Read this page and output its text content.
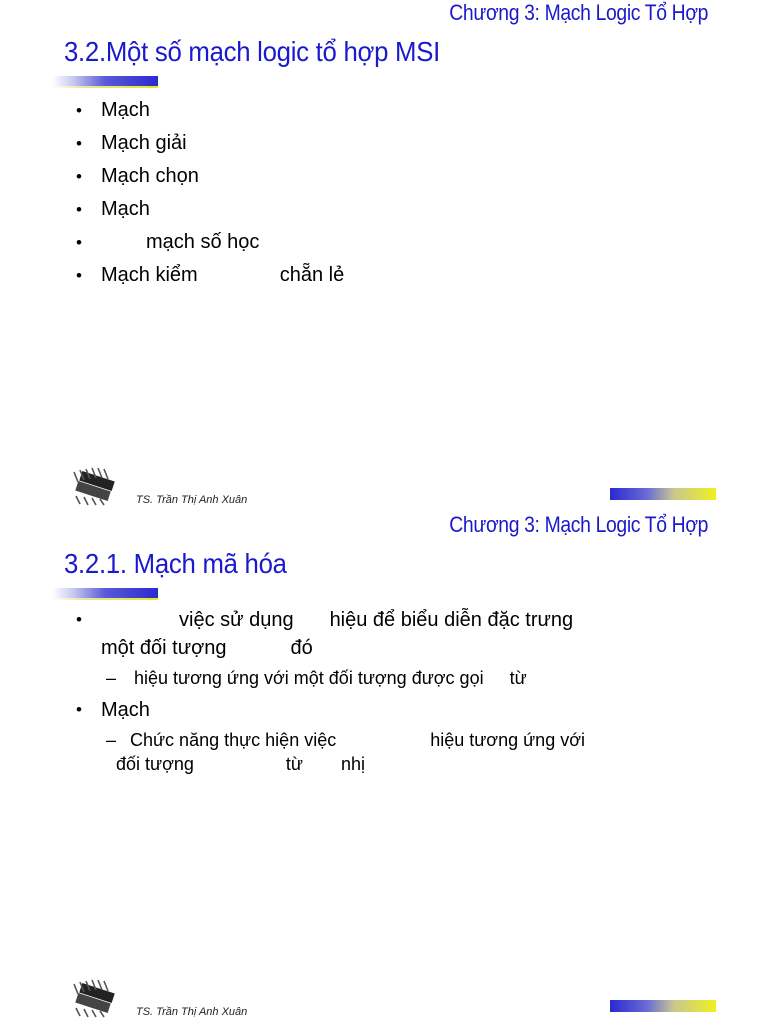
Chương 3: Mạch Logic Tổ Hợp
3.2.Một số mạch logic tổ hợp MSI
• Mạch
• Mạch giải
• Mạch chọn
• Mạch
• mạch số học
• Mạch kiểm	chẵn lẻ
TS. Trần Thị Anh Xuân
Chương 3: Mạch Logic Tổ Hợp
3.2.1. Mạch mã hóa
•	việc sử dụng hiệu để biểu diễn đặc trưng
một đối tượng	đó
– hiệu tương ứng với một đối tượng được gọi từ
• Mạch
– Chức năng thực hiện việc	hiệu tương ứng với
đối tượng	từ nhị
TS. Trần Thị Anh Xuân
